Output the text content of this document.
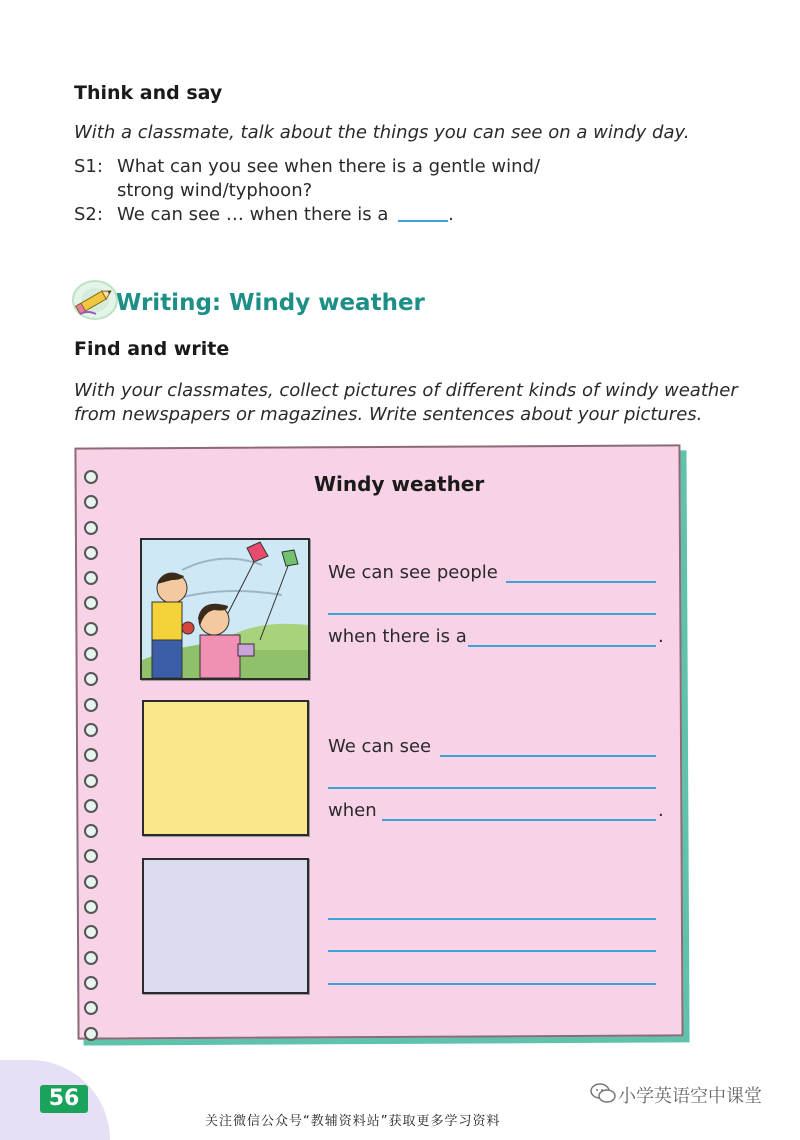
Think and say
With a classmate, talk about the things you can see on a windy day.
S1: What can you see when there is a gentle wind/
strong wind/typhoon?
S2: We can see … when there is a	.
Writing: Windy weather
Find and write
With your classmates, collect pictures of different kinds of windy weather
from newspapers or magazines. Write sentences about your pictures.
Windy weather
We can see people
when there is a	.
We can see
when	.
56
关注微信公众号“教辅资料站”获取更多学习资料
小学英语空中课堂
